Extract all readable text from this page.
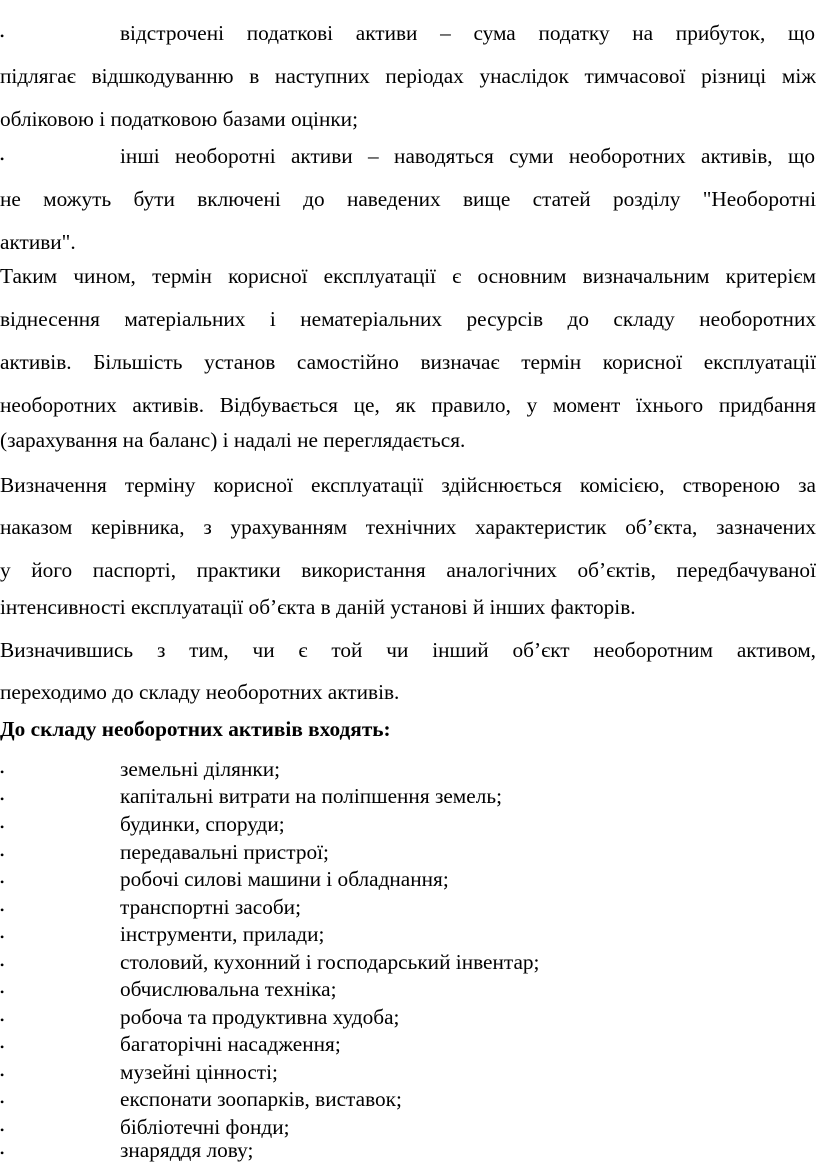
•	відстрочені податкові активи – сума податку на прибуток, що
підлягає відшкодуванню в наступних періодах унаслідок тимчасової різниці між
обліковою і податковою базами оцінки;
•	інші необоротні активи – наводяться суми необоротних активів, що
не можуть бути включені до наведених вище статей розділу "Необоротні
активи".
Таким чином, термін корисної експлуатації є основним визначальним критерієм
віднесення матеріальних і нематеріальних ресурсів до складу необоротних
активів. Більшість установ самостійно визначає термін корисної експлуатації
необоротних активів. Відбувається це, як правило, у момент їхнього придбання
(зарахування на баланс) і надалі не переглядається.
Визначення терміну корисної експлуатації здійснюється комісією, створеною за
наказом керівника, з урахуванням технічних характеристик об’єкта, зазначених
у його паспорті, практики використання аналогічних об’єктів, передбачуваної
інтенсивності експлуатації об’єкта в даній установі й інших факторів.
Визначившись з тим, чи є той чи інший об’єкт необоротним активом,
переходимо до складу необоротних активів.
До складу необоротних активів входять:
•	земельні ділянки;
•	капітальні витрати на поліпшення земель;
•	будинки, споруди;
•	передавальні пристрої;
•	робочі силові машини і обладнання;
•	транспортні засоби;
•	інструменти, прилади;
•	столовий, кухонний і господарський інвентар;
•	обчислювальна техніка;
•	робоча та продуктивна худоба;
•	багаторічні насадження;
•	музейні цінності;
•	експонати зоопарків, виставок;
•	бібліотечні фонди;
•	знаряддя лову;
